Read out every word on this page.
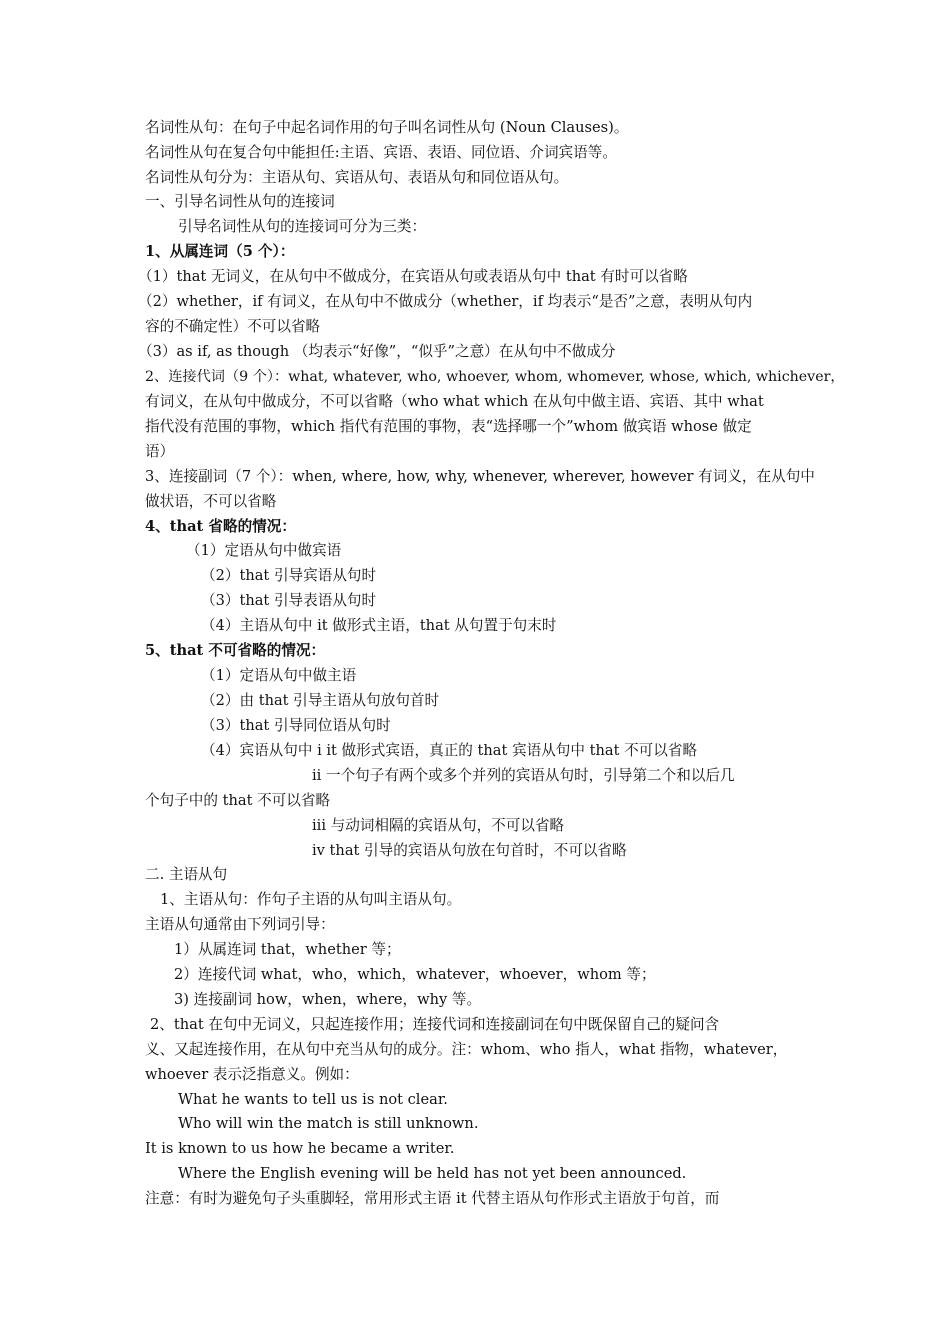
名词性从句：在句子中起名词作用的句子叫名词性从句 (Noun Clauses)。

名词性从句在复合句中能担任:主语、宾语、表语、同位语、介词宾语等。

名词性从句分为：主语从句、宾语从句、表语从句和同位语从句。

一、引导名词性从句的连接词

引导名词性从句的连接词可分为三类：

1、从属连词（5 个）：

（1）that 无词义，在从句中不做成分，在宾语从句或表语从句中 that 有时可以省略

（2）whether，if 有词义，在从句中不做成分（whether，if 均表示“是否”之意，表明从句内

容的不确定性）不可以省略

（3）as if, as though （均表示“好像”，“似乎”之意）在从句中不做成分

2、连接代词（9 个）：what, whatever, who, whoever, whom, whomever, whose, which, whichever，

有词义，在从句中做成分，不可以省略（who what which 在从句中做主语、宾语、其中 what

指代没有范围的事物，which 指代有范围的事物，表“选择哪一个”whom 做宾语 whose 做定

语）

3、连接副词（7 个）：when, where, how, why, whenever, wherever, however 有词义，在从句中

做状语，不可以省略

4、that 省略的情况：

（1）定语从句中做宾语

（2）that 引导宾语从句时

（3）that 引导表语从句时

（4）主语从句中 it 做形式主语，that 从句置于句末时

5、that 不可省略的情况：

（1）定语从句中做主语

（2）由 that 引导主语从句放句首时

（3）that 引导同位语从句时

（4）宾语从句中 i it 做形式宾语，真正的 that 宾语从句中 that 不可以省略

ii 一个句子有两个或多个并列的宾语从句时，引导第二个和以后几

个句子中的 that 不可以省略

iii 与动词相隔的宾语从句，不可以省略

iv that 引导的宾语从句放在句首时，不可以省略

二. 主语从句

1、主语从句：作句子主语的从句叫主语从句。

主语从句通常由下列词引导：

1）从属连词 that，whether 等；

2）连接代词 what，who，which，whatever，whoever，whom 等；

3) 连接副词 how，when，where，why 等。

2、that 在句中无词义，只起连接作用；连接代词和连接副词在句中既保留自己的疑问含

义、又起连接作用，在从句中充当从句的成分。注：whom、who 指人，what 指物，whatever，

whoever 表示泛指意义。例如：

What he wants to tell us is not clear.

Who will win the match is still unknown.

It is known to us how he became a writer.

Where the English evening will be held has not yet been announced.

注意：有时为避免句子头重脚轻，常用形式主语 it 代替主语从句作形式主语放于句首，而
